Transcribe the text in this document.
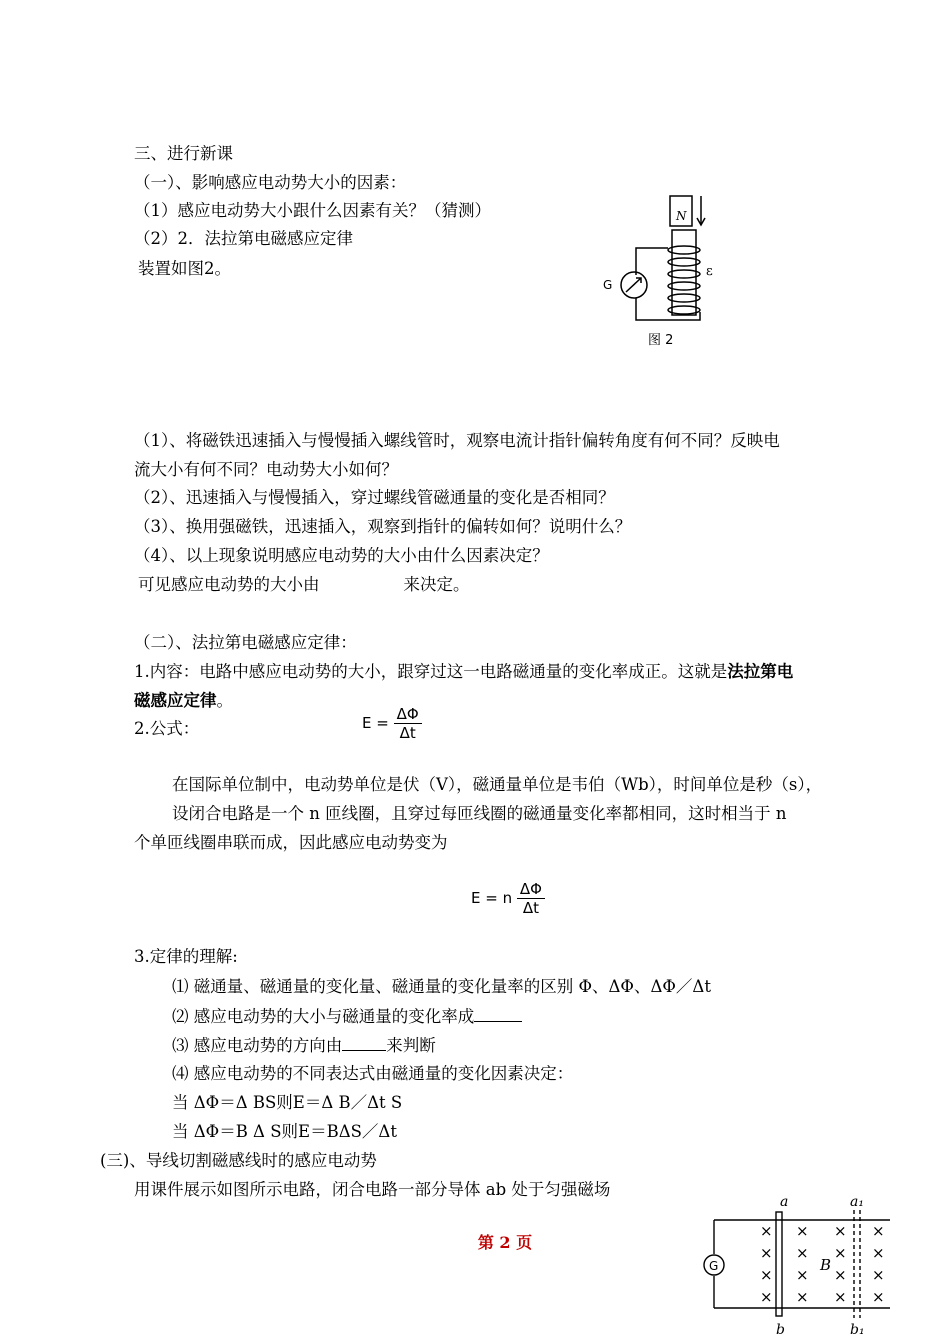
三、进行新课
（一）、影响感应电动势大小的因素：
（1）感应电动势大小跟什么因素有关？（猜测）
（2）2．法拉第电磁感应定律
装置如图2。
N
G
ε
图 2
（1）、将磁铁迅速插入与慢慢插入螺线管时，观察电流计指针偏转角度有何不同？反映电
流大小有何不同？电动势大小如何？
（2）、迅速插入与慢慢插入，穿过螺线管磁通量的变化是否相同？
（3）、换用强磁铁，迅速插入，观察到指针的偏转如何？说明什么？
（4）、以上现象说明感应电动势的大小由什么因素决定？
可见感应电动势的大小由	来决定。
（二）、法拉第电磁感应定律：
1.内容：电路中感应电动势的大小，跟穿过这一电路磁通量的变化率成正。这就是法拉第电
磁感应定律。
2.公式：	$E = \frac{\Delta\Phi}{\Delta t}$
在国际单位制中，电动势单位是伏（V），磁通量单位是韦伯（Wb），时间单位是秒（s），
设闭合电路是一个 n 匝线圈，且穿过每匝线圈的磁通量变化率都相同，这时相当于 n
个单匝线圈串联而成，因此感应电动势变为
E = n $\frac{\Delta\Phi}{\Delta t}$
3.定律的理解:
⑴ 磁通量、磁通量的变化量、磁通量的变化量率的区别 Φ、ΔΦ、ΔΦ／Δt
⑵ 感应电动势的大小与磁通量的变化率成
⑶ 感应电动势的方向由	来判断
⑷ 感应电动势的不同表达式由磁通量的变化因素决定：
当 ΔΦ＝Δ BS则E＝Δ B／Δt S
当 ΔΦ＝B Δ S则E＝BΔS／Δt
(三)、导线切割磁感线时的感应电动势
用课件展示如图所示电路，闭合电路一部分导体 ab 处于匀强磁场
第 2 页
G
a	a₁
b	b₁
B
×
×
×
×
×
×
×
×
×
×
×
×
×
×
×
×
